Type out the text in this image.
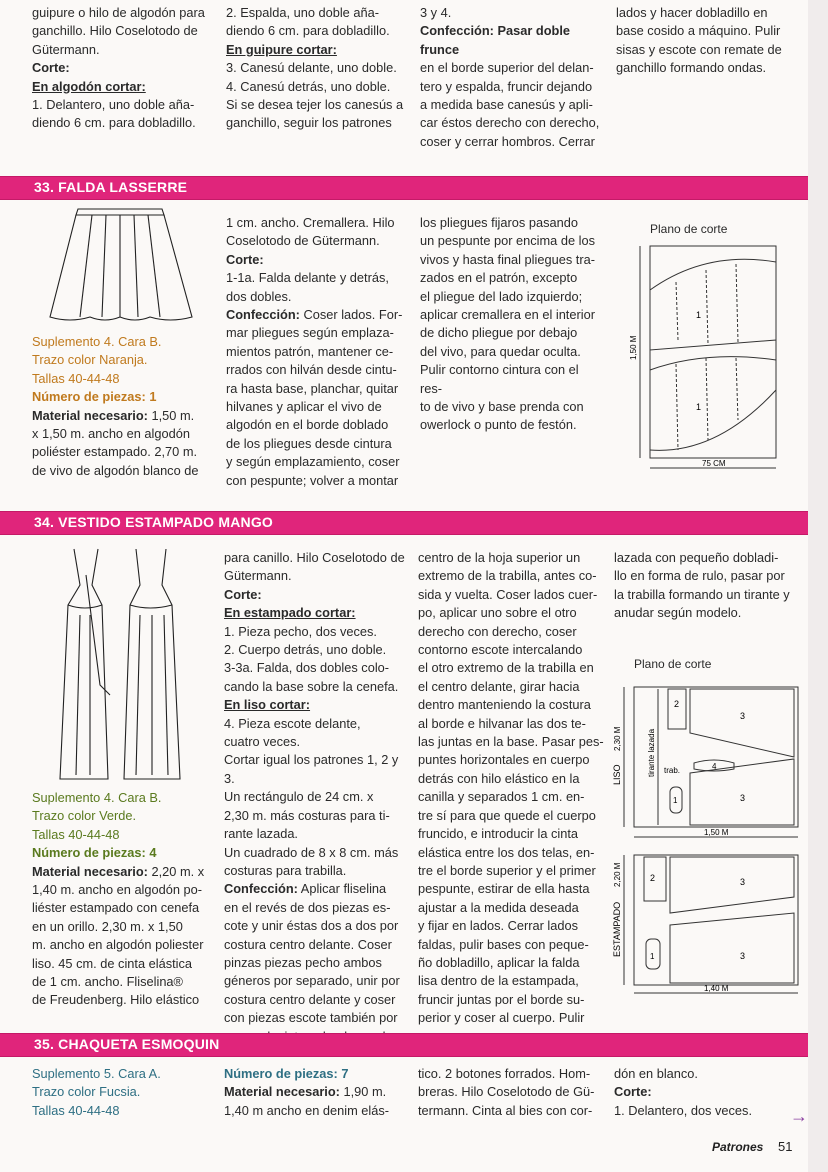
guipure o hilo de algodón para

ganchillo. Hilo Coselotodo de

Gütermann.

Corte:

En algodón cortar:

1. Delantero, uno doble aña-

diendo 6 cm. para dobladillo.

2. Espalda, uno doble aña-

diendo 6 cm. para dobladillo.

En guipure cortar:

3. Canesú delante, uno doble.

4. Canesú detrás, uno doble.

Si se desea tejer los canesús a

ganchillo, seguir los patrones

3 y 4.

Confección: Pasar doble frunce

en el borde superior del delan-

tero y espalda, fruncir dejando

a medida base canesús y apli-

car éstos derecho con derecho,

coser y cerrar hombros. Cerrar

lados y hacer dobladillo en

base cosido a máquino. Pulir

sisas y escote con remate de

ganchillo formando ondas.

33. FALDA LASSERRE

Suplemento 4. Cara B.

Trazo color Naranja.

Tallas 40-44-48

Número de piezas: 1

Material necesario: 1,50 m.

x 1,50 m. ancho en algodón

poliéster estampado. 2,70 m.

de vivo de algodón blanco de

1 cm. ancho. Cremallera. Hilo

Coselotodo de Gütermann.

Corte:

1-1a. Falda delante y detrás,

dos dobles.

Confección: Coser lados. For-

mar pliegues según emplaza-

mientos patrón, mantener ce-

rrados con hilván desde cintu-

ra hasta base, planchar, quitar

hilvanes y aplicar el vivo de

algodón en el borde doblado

de los pliegues desde cintura

y según emplazamiento, coser

con pespunte; volver a montar

los pliegues fijaros pasando

un pespunte por encima de los

vivos y hasta final pliegues tra-

zados en el patrón, excepto

el pliegue del lado izquierdo;

aplicar cremallera en el interior

de dicho pliegue por debajo

del vivo, para quedar oculta.

Pulir contorno cintura con el res-

to de vivo y base prenda con

owerlock o punto de festón.

Plano de corte
1
1
1,50 M
75 CM
34. VESTIDO ESTAMPADO MANGO

Suplemento 4. Cara B.

Trazo color Verde.

Tallas 40-44-48

Número de piezas: 4

Material necesario: 2,20 m. x

1,40 m. ancho en algodón po-

liéster estampado con cenefa

en un orillo. 2,30 m. x 1,50

m. ancho en algodón poliester

liso. 45 cm. de cinta elástica

de 1 cm. ancho. Fliselina®

de Freudenberg. Hilo elástico

para canillo. Hilo Coselotodo de

Gütermann.

Corte:

En estampado cortar:

1. Pieza pecho, dos veces.

2. Cuerpo detrás, uno doble.

3-3a. Falda, dos dobles colo-

cando la base sobre la cenefa.

En liso cortar:

4. Pieza escote delante,

cuatro veces.

Cortar igual los patrones 1, 2 y 3.

Un rectángulo de 24 cm. x

2,30 m. más costuras para ti-

rante lazada.

Un cuadrado de 8 x 8 cm. más

costuras para trabilla.

Confección: Aplicar fliselina

en el revés de dos piezas es-

cote y unir éstas dos a dos por

costura centro delante. Coser

pinzas piezas pecho ambos

géneros por separado, unir por

costura centro delante y coser

con piezas escote también por

centro de la hoja superior un

extremo de la trabilla, antes co-

sida y vuelta. Coser lados cuer-

po, aplicar uno sobre el otro

derecho con derecho, coser

contorno escote intercalando

el otro extremo de la trabilla en

el centro delante, girar hacia

dentro manteniendo la costura

al borde e hilvanar las dos te-

las juntas en la base. Pasar pes-

puntes horizontales en cuerpo

detrás con hilo elástico en la

canilla y separados 1 cm. en-

tre sí para que quede el cuerpo

fruncido, e introducir la cinta

elástica entre los dos telas, en-

tre el borde superior y el primer

pespunte, estirar de ella hasta

ajustar a la medida deseada

y fijar en lados. Cerrar lados

faldas, pulir bases con peque-

ño dobladillo, aplicar la falda

lisa dentro de la estampada,

fruncir juntas por el borde su-

perior y coser al cuerpo. Pulir

lazada con pequeño dobladi-

llo en forma de rulo, pasar por

la trabilla formando un tirante y

anudar según modelo.

Plano de corte
LISO
2,30 M	tirante lazada
2
3
4
trab.
1	3
1,50 M
ESTAMPADO
2,20 M	2	3
1	3
1,40 M
35. CHAQUETA ESMOQUIN

Suplemento 5. Cara A.

Trazo color Fucsia.

Tallas 40-44-48

Número de piezas: 7

Material necesario: 1,90 m.

1,40 m ancho en denim elás-

tico. 2 botones forrados. Hom-

breras. Hilo Coselotodo de Gü-

termann. Cinta al bies con cor-

dón en blanco.

Corte:

1. Delantero, dos veces.	→
Patrones 51
